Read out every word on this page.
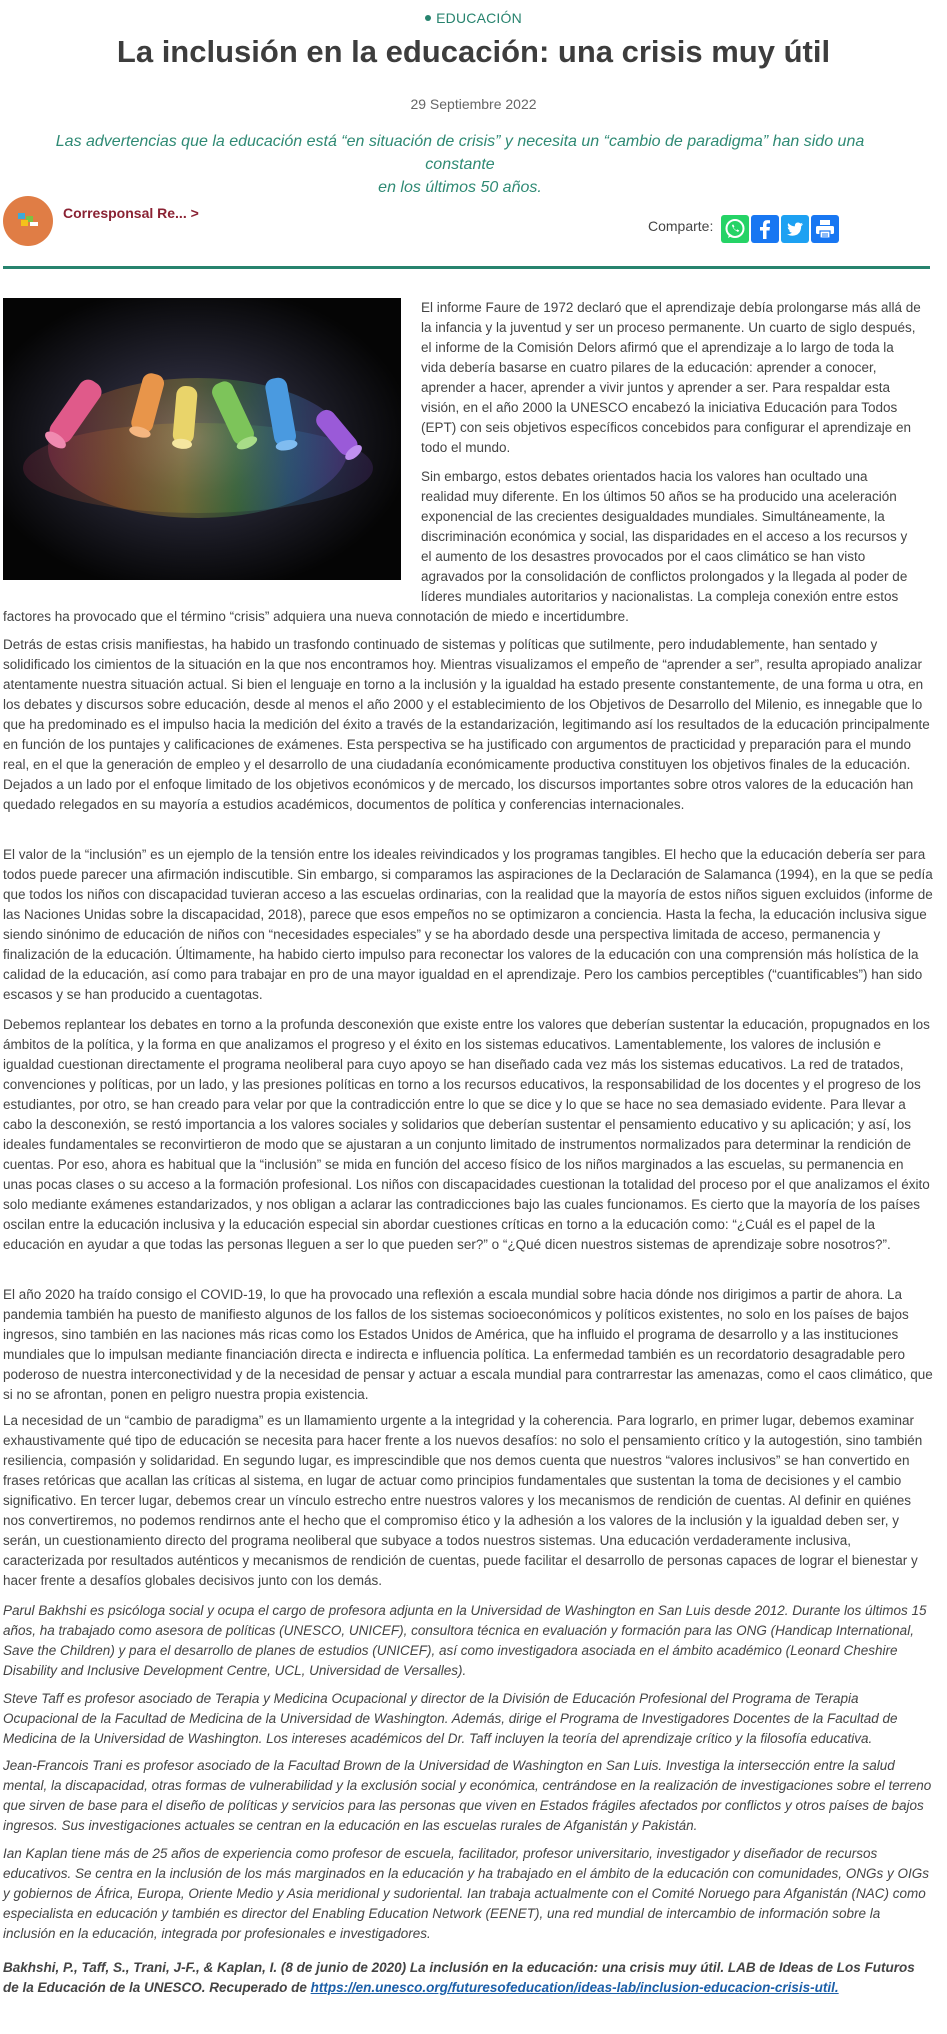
EDUCACIÓN
La inclusión en la educación: una crisis muy útil
29 Septiembre 2022
Las advertencias que la educación está “en situación de crisis” y necesita un “cambio de paradigma” han sido una constante
en los últimos 50 años.
Corresponsal Re... >
Comparte:
El informe Faure de 1972 declaró que el aprendizaje debía prolongarse más allá de
la infancia y la juventud y ser un proceso permanente. Un cuarto de siglo después,
el informe de la Comisión Delors afirmó que el aprendizaje a lo largo de toda la
vida debería basarse en cuatro pilares de la educación: aprender a conocer,
aprender a hacer, aprender a vivir juntos y aprender a ser. Para respaldar esta
visión, en el año 2000 la UNESCO encabezó la iniciativa Educación para Todos
(EPT) con seis objetivos específicos concebidos para configurar el aprendizaje en
todo el mundo.
Sin embargo, estos debates orientados hacia los valores han ocultado una
realidad muy diferente. En los últimos 50 años se ha producido una aceleración
exponencial de las crecientes desigualdades mundiales. Simultáneamente, la
discriminación económica y social, las disparidades en el acceso a los recursos y
el aumento de los desastres provocados por el caos climático se han visto
agravados por la consolidación de conflictos prolongados y la llegada al poder de
líderes mundiales autoritarios y nacionalistas. La compleja conexión entre estos
factores ha provocado que el término “crisis” adquiera una nueva connotación de miedo e incertidumbre.
Detrás de estas crisis manifiestas, ha habido un trasfondo continuado de sistemas y políticas que sutilmente, pero indudablemente, han sentado y solidificado los cimientos de la situación en la que nos encontramos hoy. Mientras visualizamos el empeño de “aprender a ser”, resulta apropiado analizar atentamente nuestra situación actual. Si bien el lenguaje en torno a la inclusión y la igualdad ha estado presente constantemente, de una forma u otra, en los debates y discursos sobre educación, desde al menos el año 2000 y el establecimiento de los Objetivos de Desarrollo del Milenio, es innegable que lo que ha predominado es el impulso hacia la medición del éxito a través de la estandarización, legitimando así los resultados de la educación principalmente en función de los puntajes y calificaciones de exámenes. Esta perspectiva se ha justificado con argumentos de practicidad y preparación para el mundo real, en el que la generación de empleo y el desarrollo de una ciudadanía económicamente productiva constituyen los objetivos finales de la educación. Dejados a un lado por el enfoque limitado de los objetivos económicos y de mercado, los discursos importantes sobre otros valores de la educación han quedado relegados en su mayoría a estudios académicos, documentos de política y conferencias internacionales.
El valor de la “inclusión” es un ejemplo de la tensión entre los ideales reivindicados y los programas tangibles. El hecho que la educación debería ser para todos puede parecer una afirmación indiscutible. Sin embargo, si comparamos las aspiraciones de la Declaración de Salamanca (1994), en la que se pedía que todos los niños con discapacidad tuvieran acceso a las escuelas ordinarias, con la realidad que la mayoría de estos niños siguen excluidos (informe de las Naciones Unidas sobre la discapacidad, 2018), parece que esos empeños no se optimizaron a conciencia. Hasta la fecha, la educación inclusiva sigue siendo sinónimo de educación de niños con “necesidades especiales” y se ha abordado desde una perspectiva limitada de acceso, permanencia y finalización de la educación. Últimamente, ha habido cierto impulso para reconectar los valores de la educación con una comprensión más holística de la calidad de la educación, así como para trabajar en pro de una mayor igualdad en el aprendizaje. Pero los cambios perceptibles (“cuantificables”) han sido escasos y se han producido a cuentagotas.
Debemos replantear los debates en torno a la profunda desconexión que existe entre los valores que deberían sustentar la educación, propugnados en los ámbitos de la política, y la forma en que analizamos el progreso y el éxito en los sistemas educativos. Lamentablemente, los valores de inclusión e igualdad cuestionan directamente el programa neoliberal para cuyo apoyo se han diseñado cada vez más los sistemas educativos. La red de tratados, convenciones y políticas, por un lado, y las presiones políticas en torno a los recursos educativos, la responsabilidad de los docentes y el progreso de los estudiantes, por otro, se han creado para velar por que la contradicción entre lo que se dice y lo que se hace no sea demasiado evidente. Para llevar a cabo la desconexión, se restó importancia a los valores sociales y solidarios que deberían sustentar el pensamiento educativo y su aplicación; y así, los ideales fundamentales se reconvirtieron de modo que se ajustaran a un conjunto limitado de instrumentos normalizados para determinar la rendición de cuentas. Por eso, ahora es habitual que la “inclusión” se mida en función del acceso físico de los niños marginados a las escuelas, su permanencia en unas pocas clases o su acceso a la formación profesional. Los niños con discapacidades cuestionan la totalidad del proceso por el que analizamos el éxito solo mediante exámenes estandarizados, y nos obligan a aclarar las contradicciones bajo las cuales funcionamos. Es cierto que la mayoría de los países oscilan entre la educación inclusiva y la educación especial sin abordar cuestiones críticas en torno a la educación como: “¿Cuál es el papel de la educación en ayudar a que todas las personas lleguen a ser lo que pueden ser?” o “¿Qué dicen nuestros sistemas de aprendizaje sobre nosotros?”.
El año 2020 ha traído consigo el COVID-19, lo que ha provocado una reflexión a escala mundial sobre hacia dónde nos dirigimos a partir de ahora. La pandemia también ha puesto de manifiesto algunos de los fallos de los sistemas socioeconómicos y políticos existentes, no solo en los países de bajos ingresos, sino también en las naciones más ricas como los Estados Unidos de América, que ha influido el programa de desarrollo y a las instituciones mundiales que lo impulsan mediante financiación directa e indirecta e influencia política. La enfermedad también es un recordatorio desagradable pero poderoso de nuestra interconectividad y de la necesidad de pensar y actuar a escala mundial para contrarrestar las amenazas, como el caos climático, que si no se afrontan, ponen en peligro nuestra propia existencia.
La necesidad de un “cambio de paradigma” es un llamamiento urgente a la integridad y la coherencia. Para lograrlo, en primer lugar, debemos examinar exhaustivamente qué tipo de educación se necesita para hacer frente a los nuevos desafíos: no solo el pensamiento crítico y la autogestión, sino también resiliencia, compasión y solidaridad. En segundo lugar, es imprescindible que nos demos cuenta que nuestros “valores inclusivos” se han convertido en frases retóricas que acallan las críticas al sistema, en lugar de actuar como principios fundamentales que sustentan la toma de decisiones y el cambio significativo. En tercer lugar, debemos crear un vínculo estrecho entre nuestros valores y los mecanismos de rendición de cuentas. Al definir en quiénes nos convertiremos, no podemos rendirnos ante el hecho que el compromiso ético y la adhesión a los valores de la inclusión y la igualdad deben ser, y serán, un cuestionamiento directo del programa neoliberal que subyace a todos nuestros sistemas. Una educación verdaderamente inclusiva, caracterizada por resultados auténticos y mecanismos de rendición de cuentas, puede facilitar el desarrollo de personas capaces de lograr el bienestar y hacer frente a desafíos globales decisivos junto con los demás.
Parul Bakhshi es psicóloga social y ocupa el cargo de profesora adjunta en la Universidad de Washington en San Luis desde 2012. Durante los últimos 15 años, ha trabajado como asesora de políticas (UNESCO, UNICEF), consultora técnica en evaluación y formación para las ONG (Handicap International, Save the Children) y para el desarrollo de planes de estudios (UNICEF), así como investigadora asociada en el ámbito académico (Leonard Cheshire Disability and Inclusive Development Centre, UCL, Universidad de Versalles).
Steve Taff es profesor asociado de Terapia y Medicina Ocupacional y director de la División de Educación Profesional del Programa de Terapia Ocupacional de la Facultad de Medicina de la Universidad de Washington. Además, dirige el Programa de Investigadores Docentes de la Facultad de Medicina de la Universidad de Washington. Los intereses académicos del Dr. Taff incluyen la teoría del aprendizaje crítico y la filosofía educativa.
Jean-Francois Trani es profesor asociado de la Facultad Brown de la Universidad de Washington en San Luis. Investiga la intersección entre la salud mental, la discapacidad, otras formas de vulnerabilidad y la exclusión social y económica, centrándose en la realización de investigaciones sobre el terreno que sirven de base para el diseño de políticas y servicios para las personas que viven en Estados frágiles afectados por conflictos y otros países de bajos ingresos. Sus investigaciones actuales se centran en la educación en las escuelas rurales de Afganistán y Pakistán.
Ian Kaplan tiene más de 25 años de experiencia como profesor de escuela, facilitador, profesor universitario, investigador y diseñador de recursos educativos. Se centra en la inclusión de los más marginados en la educación y ha trabajado en el ámbito de la educación con comunidades, ONGs y OIGs y gobiernos de África, Europa, Oriente Medio y Asia meridional y sudoriental. Ian trabaja actualmente con el Comité Noruego para Afganistán (NAC) como especialista en educación y también es director del Enabling Education Network (EENET), una red mundial de intercambio de información sobre la inclusión en la educación, integrada por profesionales e investigadores.
Bakhshi, P., Taff, S., Trani, J-F., & Kaplan, I. (8 de junio de 2020) La inclusión en la educación: una crisis muy útil. LAB de Ideas de Los Futuros de la Educación de la UNESCO. Recuperado de https://en.unesco.org/futuresofeducation/ideas-lab/inclusion-educacion-crisis-util.
